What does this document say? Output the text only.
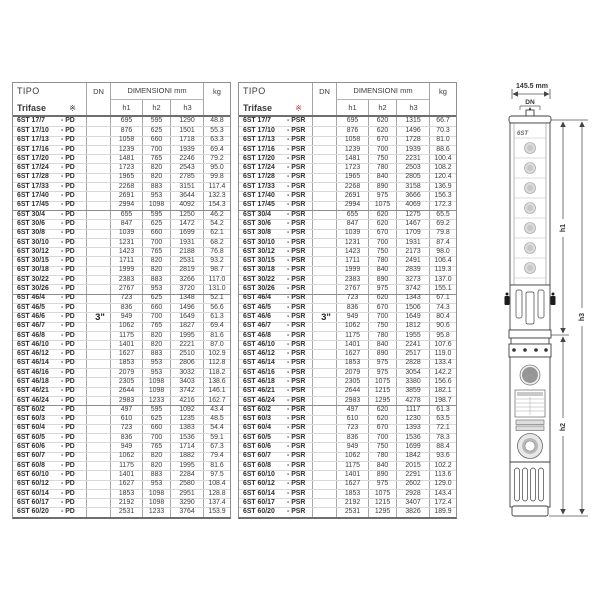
TIPO
Trifase	※
DN	DIMENSIONI mm
h1	h2	h3
kg
6ST 17/7	- PD	695	595	1290	48.8
6ST 17/10	- PD	876	625	1501	55.3
6ST 17/13	- PD	1058	660	1718	63.3
6ST 17/16	- PD	1239	700	1939	69.4
6ST 17/20	- PD	1481	765	2246	79.2
6ST 17/24	- PD	1723	820	2543	95.0
6ST 17/28	- PD	1965	820	2785	99.8
6ST 17/33	- PD	2268	883	3151	117.4
6ST 17/40	- PD	2691	953	3644	132.3
6ST 17/45	- PD	2994	1098	4092	154.3
6ST 30/4	- PD	655	595	1250	46.2
6ST 30/6	- PD	847	625	1472	54.2
6ST 30/8	- PD	1039	660	1699	62.1
6ST 30/10	- PD	1231	700	1931	68.2
6ST 30/12	- PD	1423	765	2188	76.8
6ST 30/15	- PD	1711	820	2531	93.2
6ST 30/18	- PD	1999	820	2819	98.7
6ST 30/22	- PD	2383	883	3266	117.0
6ST 30/26	- PD	2767	953	3720	131.0
6ST 46/4	- PD	723	625	1348	52.1
6ST 46/5	- PD	836	660	1496	56.6
6ST 46/6	- PD	949	700	1649	61.3
6ST 46/7	- PD	1062	765	1827	69.4
6ST 46/8	- PD	1175	820	1995	81.6
6ST 46/10	- PD	1401	820	2221	87.0
6ST 46/12	- PD	1627	883	2510	102.9
6ST 46/14	- PD	1853	953	2806	112.8
6ST 46/16	- PD	2079	953	3032	118.2
6ST 46/18	- PD	2305	1098	3403	138.6
6ST 46/21	- PD	2644	1098	3742	146.1
6ST 46/24	- PD	2983	1233	4216	162.7
6ST 60/2	- PD	497	595	1092	43.4
6ST 60/3	- PD	610	625	1235	48.5
6ST 60/4	- PD	723	660	1383	54.4
6ST 60/5	- PD	836	700	1536	59.1
6ST 60/6	- PD	949	765	1714	67.3
6ST 60/7	- PD	1062	820	1882	79.4
6ST 60/8	- PD	1175	820	1995	81.6
6ST 60/10	- PD	1401	883	2284	97.5
6ST 60/12	- PD	1627	953	2580	108.4
6ST 60/14	- PD	1853	1098	2951	128.8
6ST 60/17	- PD	2192	1098	3290	137.4
6ST 60/20	- PD	2531	1233	3764	153.9
3"
TIPO
Trifase	※
DN	DIMENSIONI mm
h1	h2	h3
kg
6ST 17/7	- PSR	695	620	1315	66.7
6ST 17/10	- PSR	876	620	1496	70.3
6ST 17/13	- PSR	1058	670	1728	81.0
6ST 17/16	- PSR	1239	700	1939	88.6
6ST 17/20	- PSR	1481	750	2231	100.4
6ST 17/24	- PSR	1723	780	2503	108.2
6ST 17/28	- PSR	1965	840	2805	120.4
6ST 17/33	- PSR	2268	890	3158	136.9
6ST 17/40	- PSR	2691	975	3666	156.3
6ST 17/45	- PSR	2994	1075	4069	172.3
6ST 30/4	- PSR	655	620	1275	65.5
6ST 30/6	- PSR	847	620	1467	69.2
6ST 30/8	- PSR	1039	670	1709	79.8
6ST 30/10	- PSR	1231	700	1931	87.4
6ST 30/12	- PSR	1423	750	2173	98.0
6ST 30/15	- PSR	1711	780	2491	106.4
6ST 30/18	- PSR	1999	840	2839	119.3
6ST 30/22	- PSR	2383	890	3273	137.0
6ST 30/26	- PSR	2767	975	3742	155.1
6ST 46/4	- PSR	723	620	1343	67.1
6ST 46/5	- PSR	836	670	1506	74.3
6ST 46/6	- PSR	949	700	1649	80.4
6ST 46/7	- PSR	1062	750	1812	90.6
6ST 46/8	- PSR	1175	780	1955	95.8
6ST 46/10	- PSR	1401	840	2241	107.6
6ST 46/12	- PSR	1627	890	2517	119.0
6ST 46/14	- PSR	1853	975	2828	133.4
6ST 46/16	- PSR	2079	975	3054	142.2
6ST 46/18	- PSR	2305	1075	3380	156.6
6ST 46/21	- PSR	2644	1215	3859	182.1
6ST 46/24	- PSR	2983	1295	4278	198.7
6ST 60/2	- PSR	497	620	1117	61.3
6ST 60/3	- PSR	610	620	1230	63.5
6ST 60/4	- PSR	723	670	1393	72.1
6ST 60/5	- PSR	836	700	1536	78.3
6ST 60/6	- PSR	949	750	1699	88.4
6ST 60/7	- PSR	1062	780	1842	93.6
6ST 60/8	- PSR	1175	840	2015	102.2
6ST 60/10	- PSR	1401	890	2291	113.6
6ST 60/12	- PSR	1627	975	2602	129.0
6ST 60/14	- PSR	1853	1075	2928	143.4
6ST 60/17	- PSR	2192	1215	3407	172.4
6ST 60/20	- PSR	2531	1295	3826	189.9
3"
145.5 mm
DN
6ST
h1
h3
h2
